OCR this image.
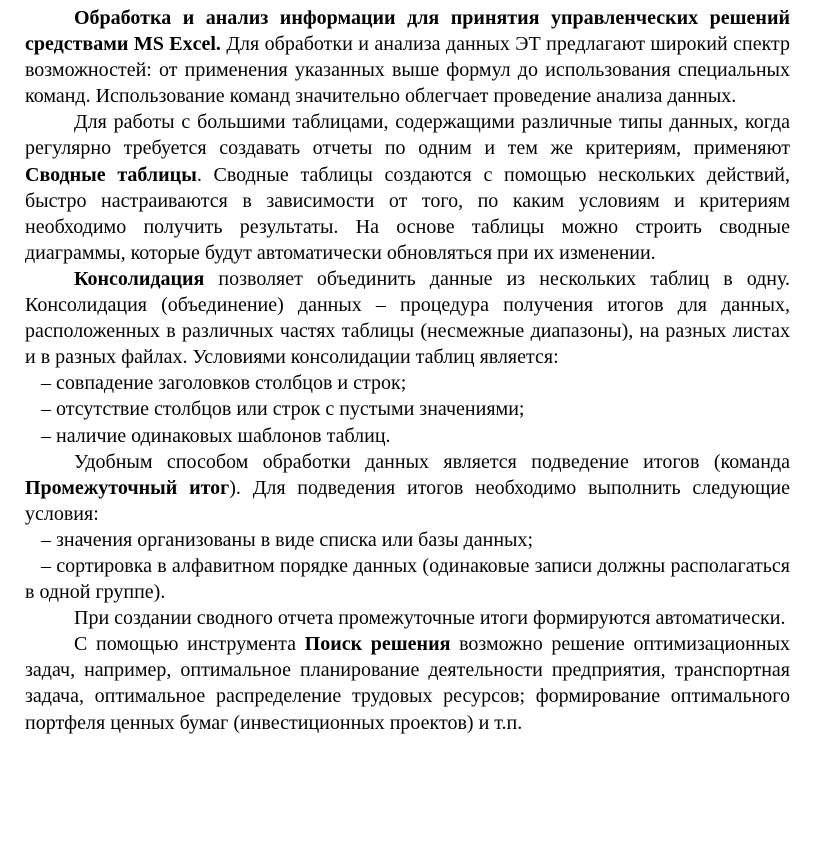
Обработка и анализ информации для принятия управленческих решений средствами MS Excel. Для обработки и анализа данных ЭТ предлагают широкий спектр возможностей: от применения указанных выше формул до использования специальных команд. Использование команд значительно облегчает проведение анализа данных.

Для работы с большими таблицами, содержащими различные типы данных, когда регулярно требуется создавать отчеты по одним и тем же критериям, применяют Сводные таблицы. Сводные таблицы создаются с помощью нескольких действий, быстро настраиваются в зависимости от того, по каким условиям и критериям необходимо получить результаты. На основе таблицы можно строить сводные диаграммы, которые будут автоматически обновляться при их изменении.

Консолидация позволяет объединить данные из нескольких таблиц в одну. Консолидация (объединение) данных – процедура получения итогов для данных, расположенных в различных частях таблицы (несмежные диапазоны), на разных листах и в разных файлах. Условиями консолидации таблиц является:

– совпадение заголовков столбцов и строк;

– отсутствие столбцов или строк с пустыми значениями;

– наличие одинаковых шаблонов таблиц.

Удобным способом обработки данных является подведение итогов (команда Промежуточный итог). Для подведения итогов необходимо выполнить следующие условия:

– значения организованы в виде списка или базы данных;

– сортировка в алфавитном порядке данных (одинаковые записи должны располагаться в одной группе).

При создании сводного отчета промежуточные итоги формируются автоматически.

С помощью инструмента Поиск решения возможно решение оптимизационных задач, например, оптимальное планирование деятельности предприятия, транспортная задача, оптимальное распределение трудовых ресурсов; формирование оптимального портфеля ценных бумаг (инвестиционных проектов) и т.п.
